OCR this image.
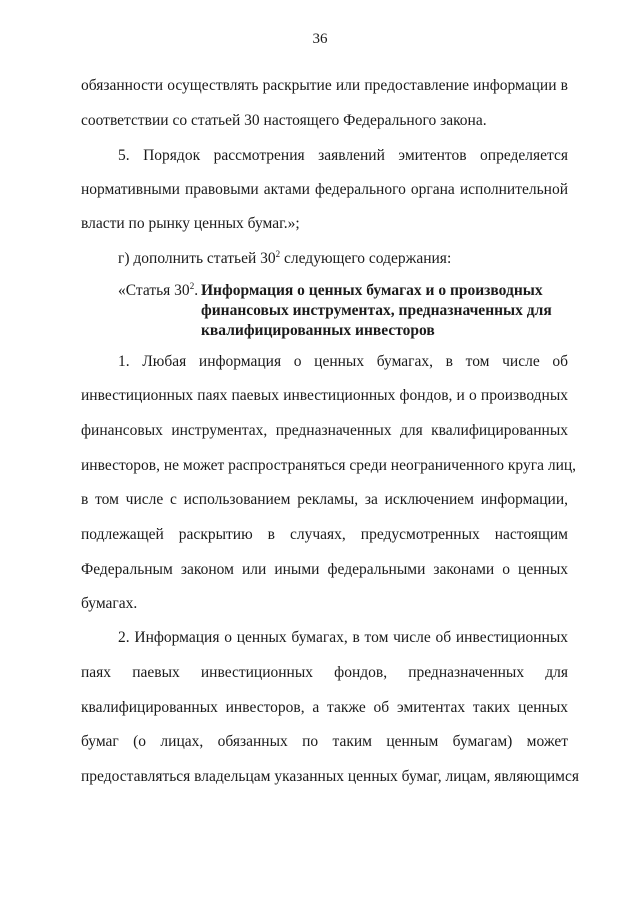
36
обязанности осуществлять раскрытие или предоставление информации в
соответствии со статьей 30 настоящего Федерального закона.
5. Порядок рассмотрения заявлений эмитентов определяется
нормативными правовыми актами федерального органа исполнительной
власти по рынку ценных бумаг.»;
г) дополнить статьей $30^2$ следующего содержания:
«Статья $30^2$. Информация о ценных бумагах и о производных
финансовых инструментах, предназначенных для
квалифицированных инвесторов
1. Любая информация о ценных бумагах, в том числе об
инвестиционных паях паевых инвестиционных фондов, и о производных
финансовых инструментах, предназначенных для квалифицированных
инвесторов, не может распространяться среди неограниченного круга лиц,
в том числе с использованием рекламы, за исключением информации,
подлежащей раскрытию в случаях, предусмотренных настоящим
Федеральным законом или иными федеральными законами о ценных
бумагах.
2. Информация о ценных бумагах, в том числе об инвестиционных
паях паевых инвестиционных фондов, предназначенных для
квалифицированных инвесторов, а также об эмитентах таких ценных
бумаг (о лицах, обязанных по таким ценным бумагам) может
предоставляться владельцам указанных ценных бумаг, лицам, являющимся
